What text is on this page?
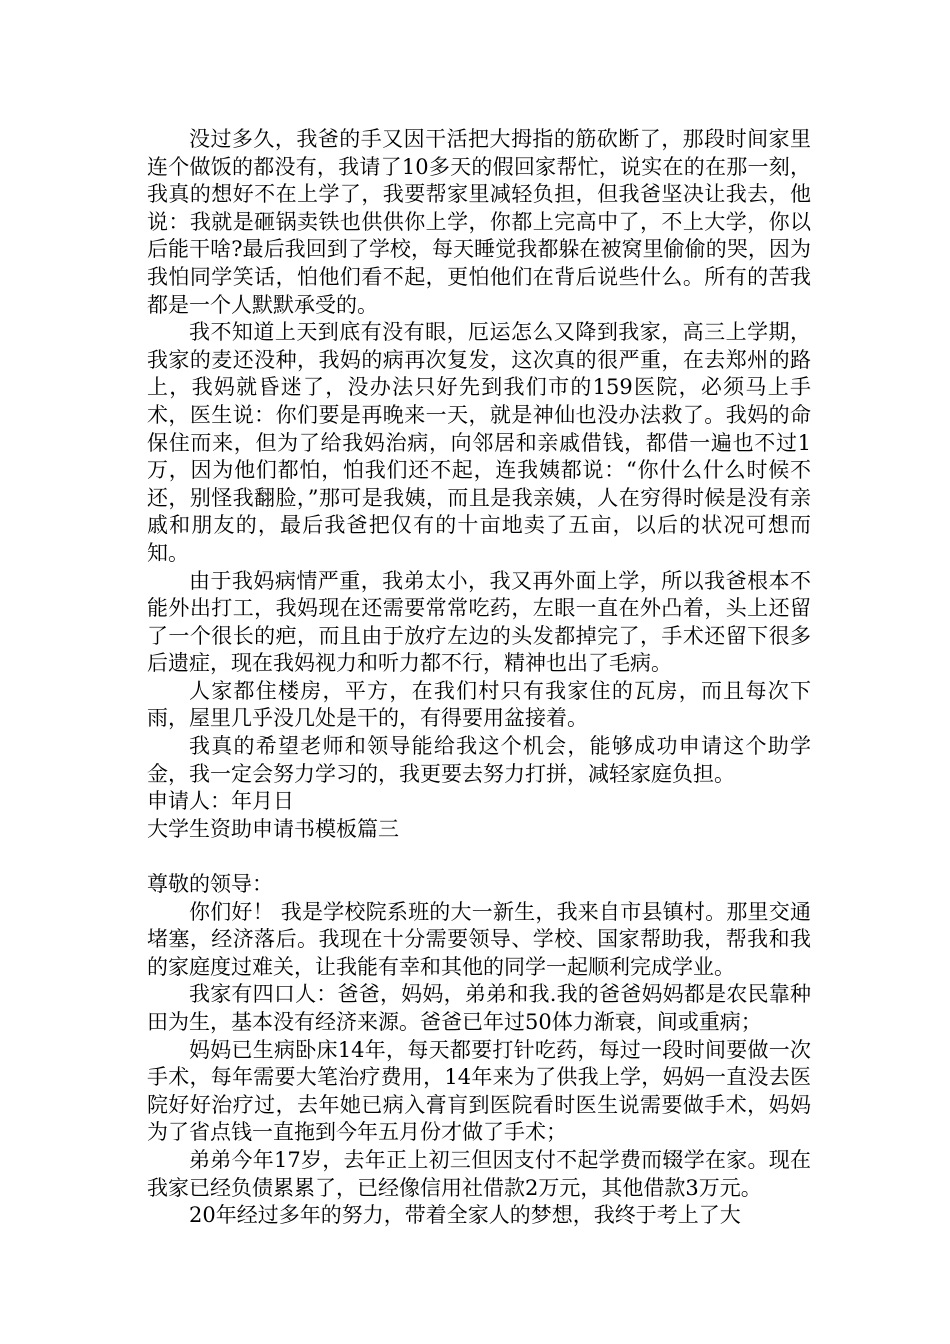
没过多久，我爸的手又因干活把大拇指的筋砍断了，那段时间家里连个做饭的都没有，我请了10多天的假回家帮忙，说实在的在那一刻，我真的想好不在上学了，我要帮家里减轻负担，但我爸坚决让我去，他说：我就是砸锅卖铁也供供你上学，你都上完高中了，不上大学，你以后能干啥?最后我回到了学校，每天睡觉我都躲在被窝里偷偷的哭，因为我怕同学笑话，怕他们看不起，更怕他们在背后说些什么。所有的苦我都是一个人默默承受的。

我不知道上天到底有没有眼，厄运怎么又降到我家，高三上学期，我家的麦还没种，我妈的病再次复发，这次真的很严重，在去郑州的路上，我妈就昏迷了，没办法只好先到我们市的159医院，必须马上手术，医生说：你们要是再晚来一天，就是神仙也没办法救了。我妈的命保住而来，但为了给我妈治病，向邻居和亲戚借钱，都借一遍也不过1万，因为他们都怕，怕我们还不起，连我姨都说：“你什么什么时候不还，别怪我翻脸，”那可是我姨，而且是我亲姨，人在穷得时候是没有亲戚和朋友的，最后我爸把仅有的十亩地卖了五亩，以后的状况可想而知。

由于我妈病情严重，我弟太小，我又再外面上学，所以我爸根本不能外出打工，我妈现在还需要常常吃药，左眼一直在外凸着，头上还留了一个很长的疤，而且由于放疗左边的头发都掉完了，手术还留下很多后遗症，现在我妈视力和听力都不行，精神也出了毛病。

人家都住楼房，平方，在我们村只有我家住的瓦房，而且每次下雨，屋里几乎没几处是干的，有得要用盆接着。

我真的希望老师和领导能给我这个机会，能够成功申请这个助学金，我一定会努力学习的，我更要去努力打拼，减轻家庭负担。

申请人：年月日

大学生资助申请书模板篇三

尊敬的领导：

你们好！ 我是学校院系班的大一新生，我来自市县镇村。那里交通堵塞，经济落后。我现在十分需要领导、学校、国家帮助我，帮我和我的家庭度过难关，让我能有幸和其他的同学一起顺利完成学业。

我家有四口人：爸爸，妈妈，弟弟和我.我的爸爸妈妈都是农民靠种田为生，基本没有经济来源。爸爸已年过50体力渐衰，间或重病；

妈妈已生病卧床14年，每天都要打针吃药，每过一段时间要做一次手术，每年需要大笔治疗费用，14年来为了供我上学，妈妈一直没去医院好好治疗过，去年她已病入膏肓到医院看时医生说需要做手术，妈妈为了省点钱一直拖到今年五月份才做了手术；

弟弟今年17岁，去年正上初三但因支付不起学费而辍学在家。现在我家已经负债累累了，已经像信用社借款2万元，其他借款3万元。

20年经过多年的努力，带着全家人的梦想，我终于考上了大
